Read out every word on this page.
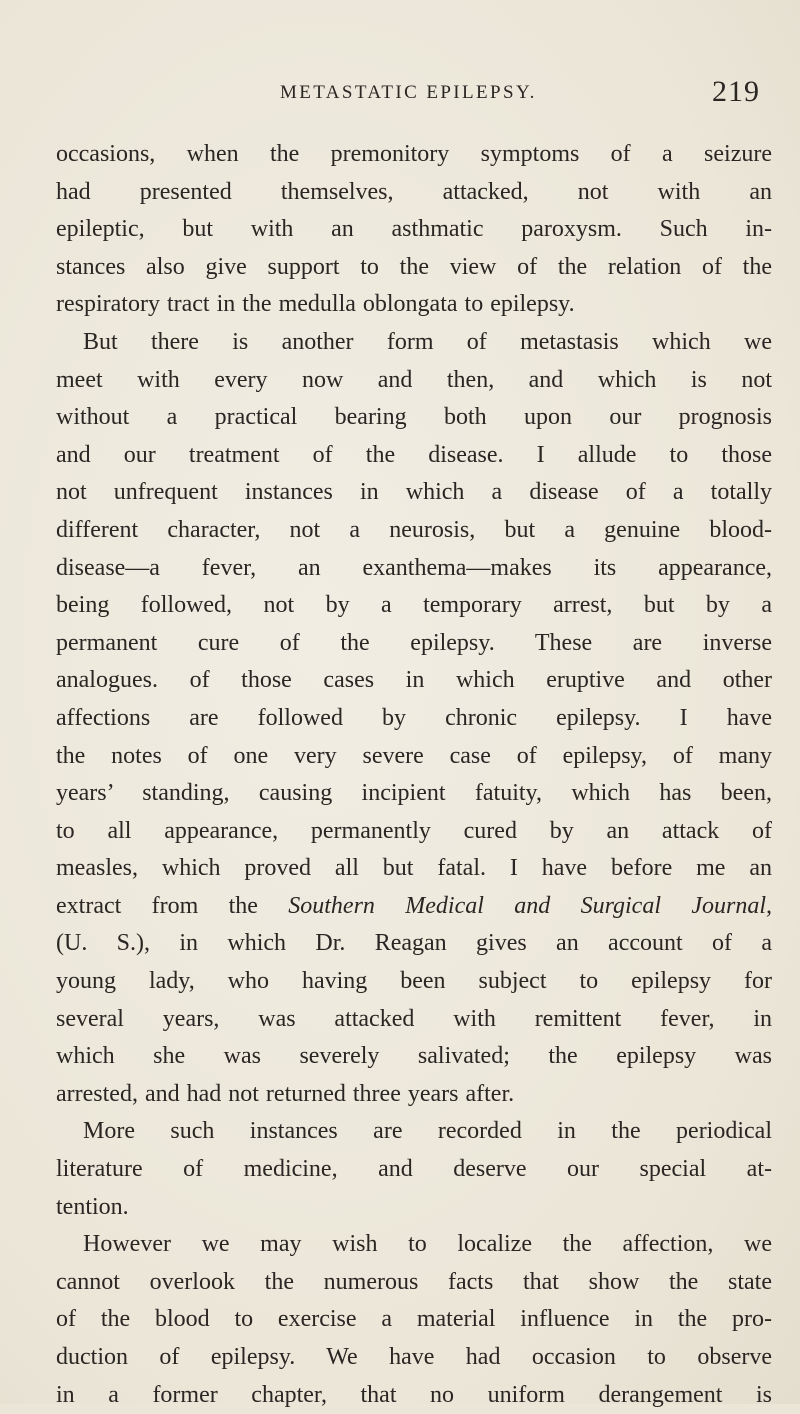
METASTATIC EPILEPSY.	219
occasions, when the premonitory symptoms of a seizure
had presented themselves, attacked, not with an
epileptic, but with an asthmatic paroxysm. Such in-
stances also give support to the view of the relation of the
respiratory tract in the medulla oblongata to epilepsy.
But there is another form of metastasis which we
meet with every now and then, and which is not
without a practical bearing both upon our prognosis
and our treatment of the disease. I allude to those
not unfrequent instances in which a disease of a totally
different character, not a neurosis, but a genuine blood-
disease—a fever, an exanthema—makes its appearance,
being followed, not by a temporary arrest, but by a
permanent cure of the epilepsy. These are inverse
analogues. of those cases in which eruptive and other
affections are followed by chronic epilepsy. I have
the notes of one very severe case of epilepsy, of many
years’ standing, causing incipient fatuity, which has been,
to all appearance, permanently cured by an attack of
measles, which proved all but fatal. I have before me an
extract from the Southern Medical and Surgical Journal,
(U. S.), in which Dr. Reagan gives an account of a
young lady, who having been subject to epilepsy for
several years, was attacked with remittent fever, in
which she was severely salivated; the epilepsy was
arrested, and had not returned three years after.
More such instances are recorded in the periodical
literature of medicine, and deserve our special at-
tention.
However we may wish to localize the affection, we
cannot overlook the numerous facts that show the state
of the blood to exercise a material influence in the pro-
duction of epilepsy. We have had occasion to observe
in a former chapter, that no uniform derangement is
